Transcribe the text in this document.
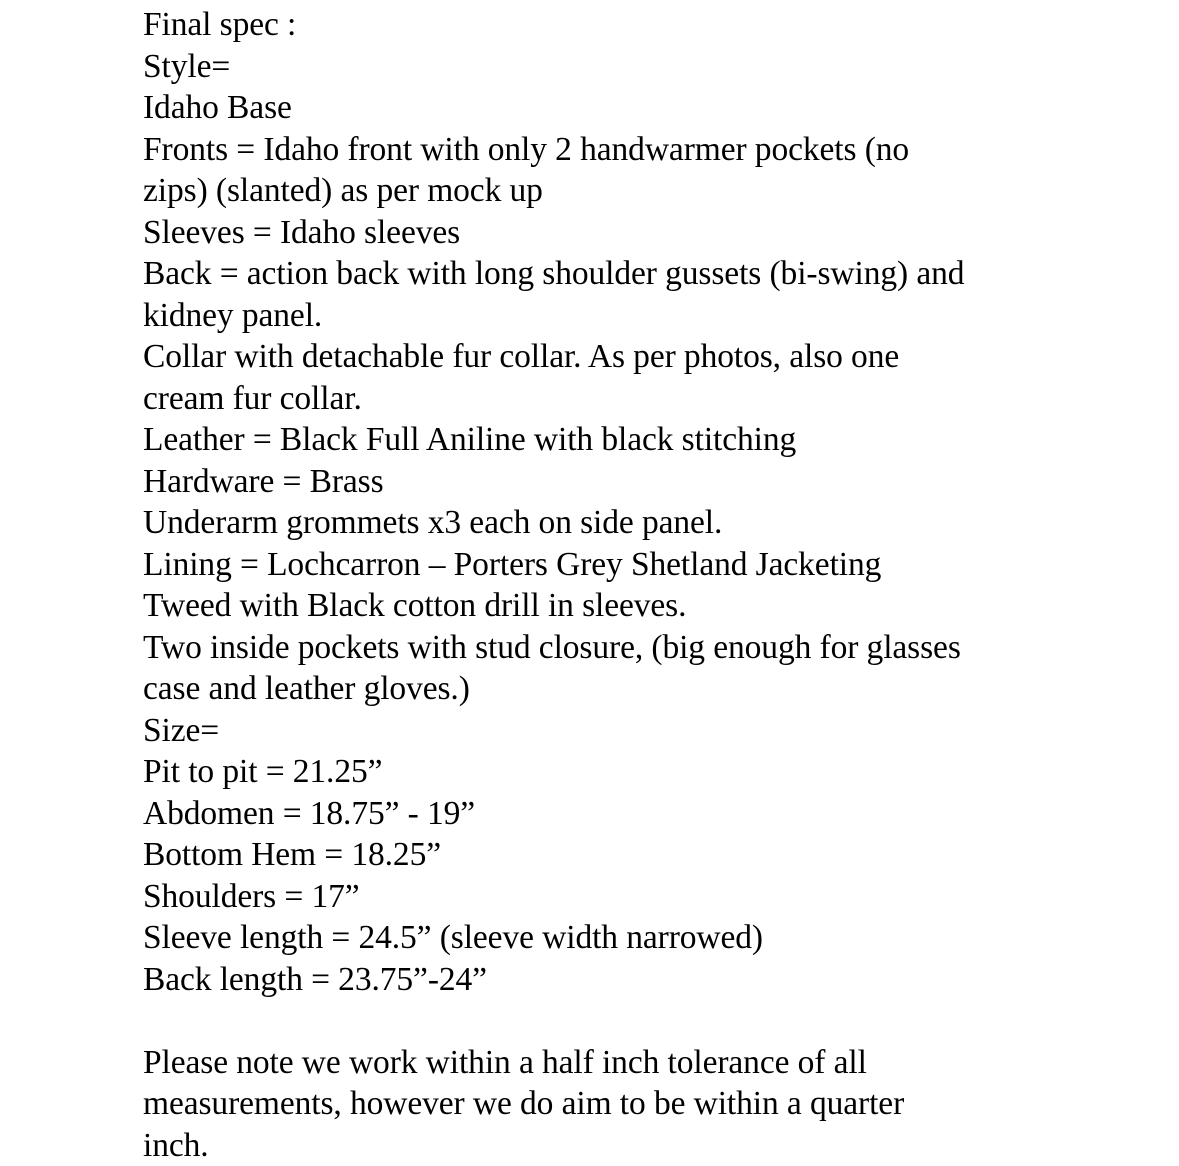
Final spec :
Style=
Idaho Base
Fronts = Idaho front with only 2 handwarmer pockets (no
zips) (slanted) as per mock up
Sleeves = Idaho sleeves
Back = action back with long shoulder gussets (bi-swing) and
kidney panel.
Collar with detachable fur collar. As per photos, also one
cream fur collar.
Leather = Black Full Aniline with black stitching
Hardware = Brass
Underarm grommets x3 each on side panel.
Lining = Lochcarron – Porters Grey Shetland Jacketing
Tweed with Black cotton drill in sleeves.
Two inside pockets with stud closure, (big enough for glasses
case and leather gloves.)
Size=
Pit to pit = 21.25”
Abdomen = 18.75” - 19”
Bottom Hem = 18.25”
Shoulders = 17”
Sleeve length = 24.5” (sleeve width narrowed)
Back length = 23.75”-24”
Please note we work within a half inch tolerance of all
measurements, however we do aim to be within a quarter
inch.
